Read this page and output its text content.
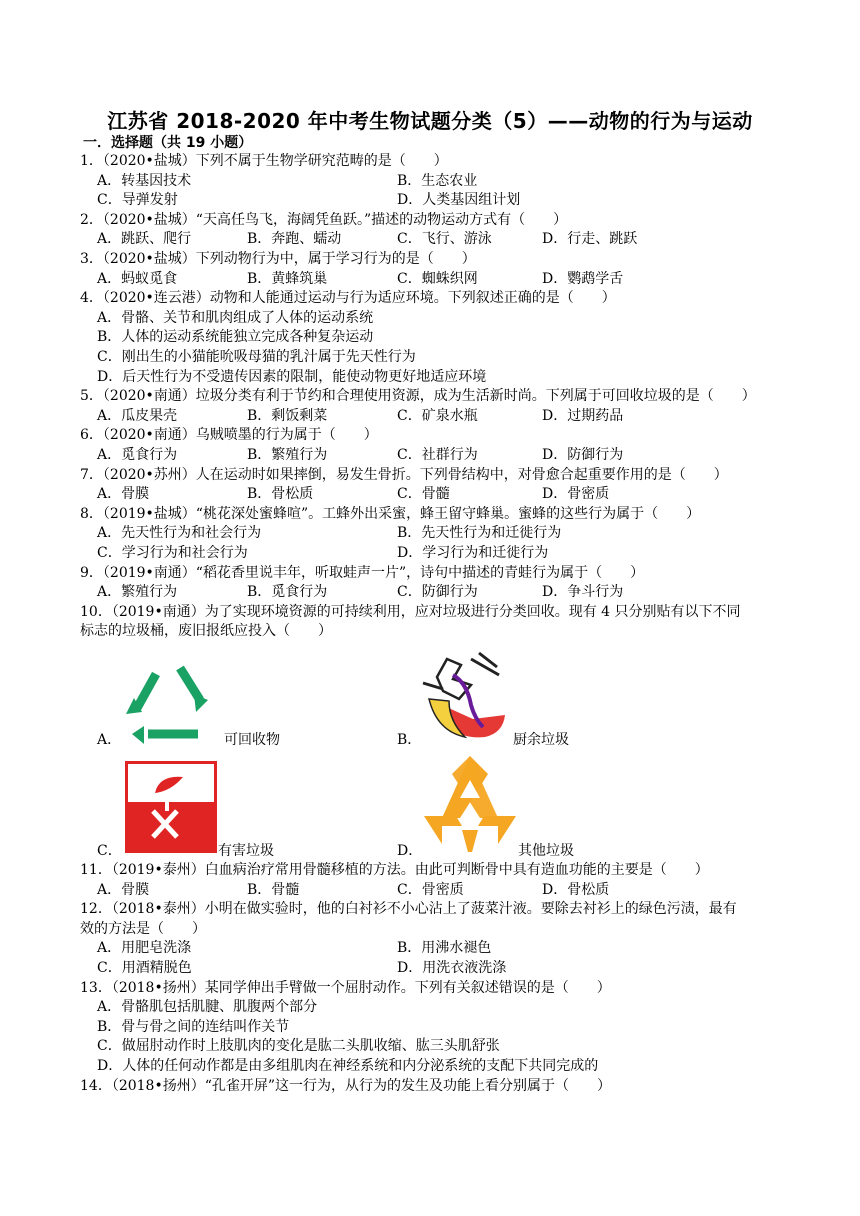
江苏省 2018-2020 年中考生物试题分类（5）——动物的行为与运动
一．选择题（共 19 小题）
1．（2020•盐城）下列不属于生物学研究范畴的是（　　）
A．转基因技术	B．生态农业
C．导弹发射	D．人类基因组计划
2．（2020•盐城）“天高任鸟飞，海阔凭鱼跃。”描述的动物运动方式有（　　）
A．跳跃、爬行	B．奔跑、蠕动	C．飞行、游泳	D．行走、跳跃
3．（2020•盐城）下列动物行为中，属于学习行为的是（　　）
A．蚂蚁觅食	B．黄蜂筑巢	C．蜘蛛织网	D．鹦鹉学舌
4．（2020•连云港）动物和人能通过运动与行为适应环境。下列叙述正确的是（　　）
A．骨骼、关节和肌肉组成了人体的运动系统
B．人体的运动系统能独立完成各种复杂运动
C．刚出生的小猫能吮吸母猫的乳汁属于先天性行为
D．后天性行为不受遗传因素的限制，能使动物更好地适应环境
5．（2020•南通）垃圾分类有利于节约和合理使用资源，成为生活新时尚。下列属于可回收垃圾的是（　　）
A．瓜皮果壳	B．剩饭剩菜	C．矿泉水瓶	D．过期药品
6．（2020•南通）乌贼喷墨的行为属于（　　）
A．觅食行为	B．繁殖行为	C．社群行为	D．防御行为
7．（2020•苏州）人在运动时如果摔倒，易发生骨折。下列骨结构中，对骨愈合起重要作用的是（　　）
A．骨膜	B．骨松质	C．骨髓	D．骨密质
8．（2019•盐城）“桃花深处蜜蜂喧”。工蜂外出采蜜，蜂王留守蜂巢。蜜蜂的这些行为属于（　　）
A．先天性行为和社会行为	B．先天性行为和迁徙行为
C．学习行为和社会行为	D．学习行为和迁徙行为
9．（2019•南通）“稻花香里说丰年，听取蛙声一片”，诗句中描述的青蛙行为属于（　　）
A．繁殖行为	B．觅食行为	C．防御行为	D．争斗行为
10．（2019•南通）为了实现环境资源的可持续利用，应对垃圾进行分类回收。现有 4 只分别贴有以下不同
标志的垃圾桶，废旧报纸应投入（　　）
A．	可回收物	B．	厨余垃圾
C．	有害垃圾	D．	其他垃圾
11．（2019•泰州）白血病治疗常用骨髓移植的方法。由此可判断骨中具有造血功能的主要是（　　）
A．骨膜	B．骨髓	C．骨密质	D．骨松质
12．（2018•泰州）小明在做实验时，他的白衬衫不小心沾上了菠菜汁液。要除去衬衫上的绿色污渍，最有
效的方法是（　　）
A．用肥皂洗涤	B．用沸水褪色
C．用酒精脱色	D．用洗衣液洗涤
13．（2018•扬州）某同学伸出手臂做一个屈肘动作。下列有关叙述错误的是（　　）
A．骨骼肌包括肌腱、肌腹两个部分
B．骨与骨之间的连结叫作关节
C．做屈肘动作时上肢肌肉的变化是肱二头肌收缩、肱三头肌舒张
D．人体的任何动作都是由多组肌肉在神经系统和内分泌系统的支配下共同完成的
14．（2018•扬州）“孔雀开屏”这一行为，从行为的发生及功能上看分别属于（　　）
